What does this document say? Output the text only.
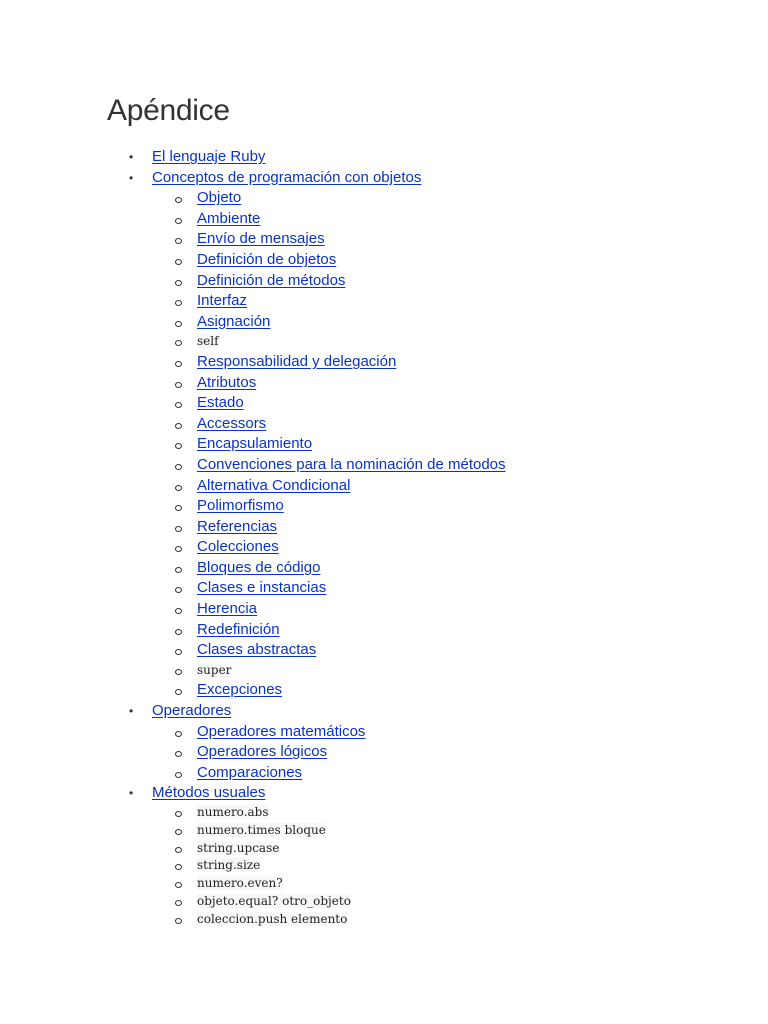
Apéndice
• El lenguaje Ruby
• Conceptos de programación con objetos
Objeto
Ambiente
Envío de mensajes
Definición de objetos
Definición de métodos
Interfaz
Asignación
self
Responsabilidad y delegación
Atributos
Estado
Accessors
Encapsulamiento
Convenciones para la nominación de métodos
Alternativa Condicional
Polimorfismo
Referencias
Colecciones
Bloques de código
Clases e instancias
Herencia
Redefinición
Clases abstractas
super
Excepciones
• Operadores
Operadores matemáticos
Operadores lógicos
Comparaciones
• Métodos usuales
numero.abs
numero.times bloque
string.upcase
string.size
numero.even?
objeto.equal? otro_objeto
coleccion.push elemento
